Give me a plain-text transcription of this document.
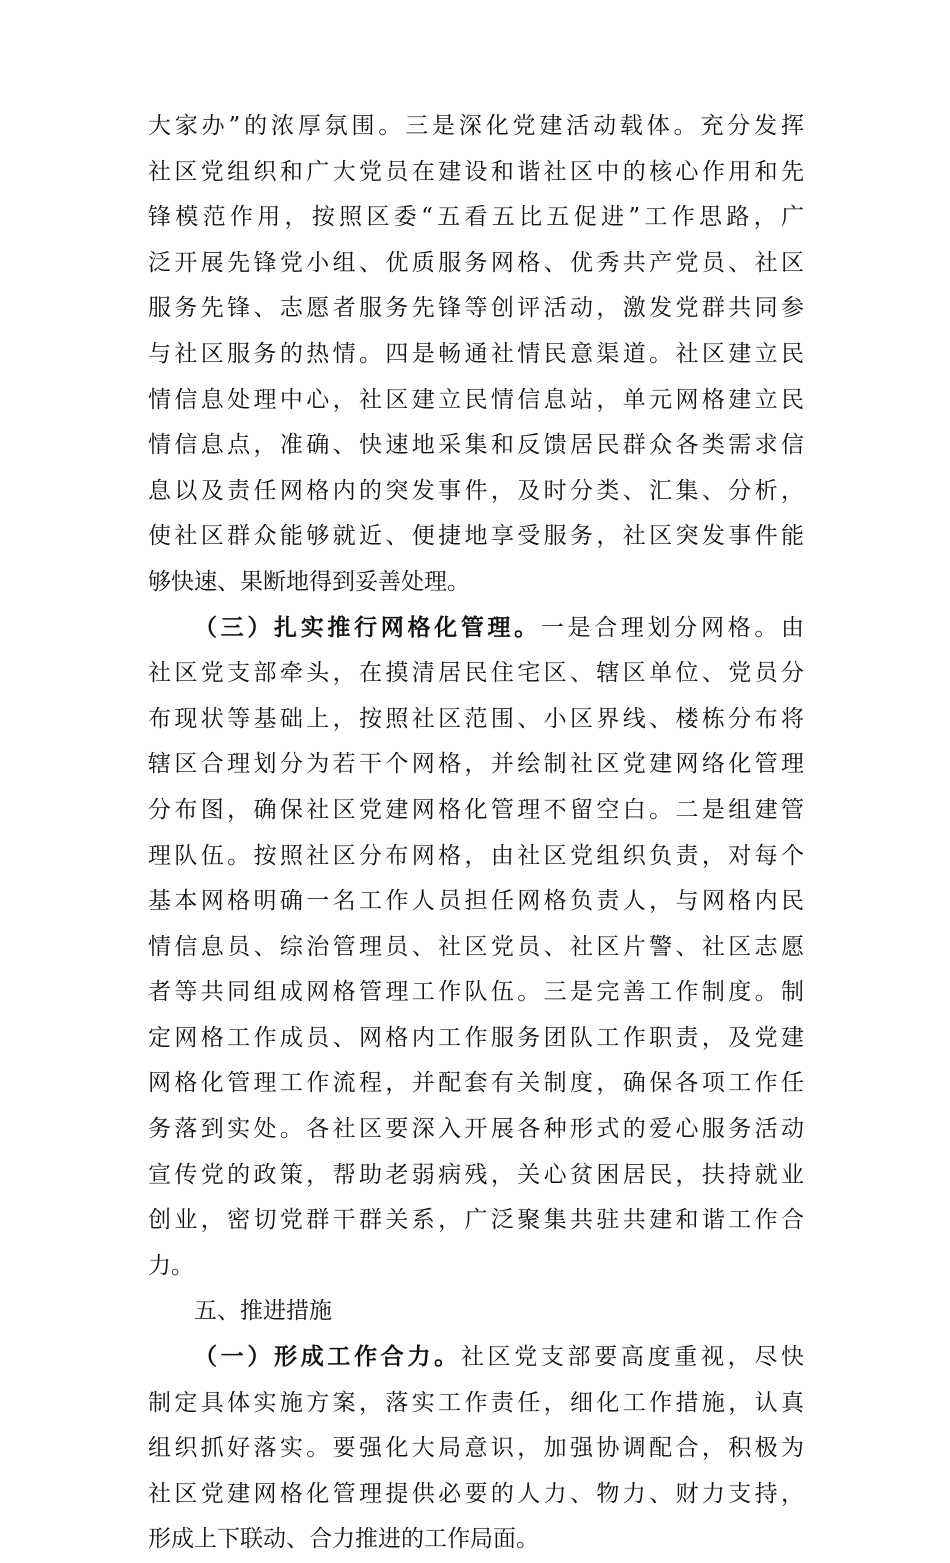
大家办”的浓厚氛围。三是深化党建活动载体。充分发挥
社区党组织和广大党员在建设和谐社区中的核心作用和先
锋模范作用，按照区委“五看五比五促进”工作思路，广
泛开展先锋党小组、优质服务网格、优秀共产党员、社区
服务先锋、志愿者服务先锋等创评活动，激发党群共同参
与社区服务的热情。四是畅通社情民意渠道。社区建立民
情信息处理中心，社区建立民情信息站，单元网格建立民
情信息点，准确、快速地采集和反馈居民群众各类需求信
息以及责任网格内的突发事件，及时分类、汇集、分析，
使社区群众能够就近、便捷地享受服务，社区突发事件能
够快速、果断地得到妥善处理。
（三）扎实推行网格化管理。一是合理划分网格。由
社区党支部牵头，在摸清居民住宅区、辖区单位、党员分
布现状等基础上，按照社区范围、小区界线、楼栋分布将
辖区合理划分为若干个网格，并绘制社区党建网络化管理
分布图，确保社区党建网格化管理不留空白。二是组建管
理队伍。按照社区分布网格，由社区党组织负责，对每个
基本网格明确一名工作人员担任网格负责人，与网格内民
情信息员、综治管理员、社区党员、社区片警、社区志愿
者等共同组成网格管理工作队伍。三是完善工作制度。制
定网格工作成员、网格内工作服务团队工作职责，及党建
网格化管理工作流程，并配套有关制度，确保各项工作任
务落到实处。各社区要深入开展各种形式的爱心服务活动
宣传党的政策，帮助老弱病残，关心贫困居民，扶持就业
创业，密切党群干群关系，广泛聚集共驻共建和谐工作合
力。
五、推进措施
（一）形成工作合力。社区党支部要高度重视，尽快
制定具体实施方案，落实工作责任，细化工作措施，认真
组织抓好落实。要强化大局意识，加强协调配合，积极为
社区党建网格化管理提供必要的人力、物力、财力支持，
形成上下联动、合力推进的工作局面。
